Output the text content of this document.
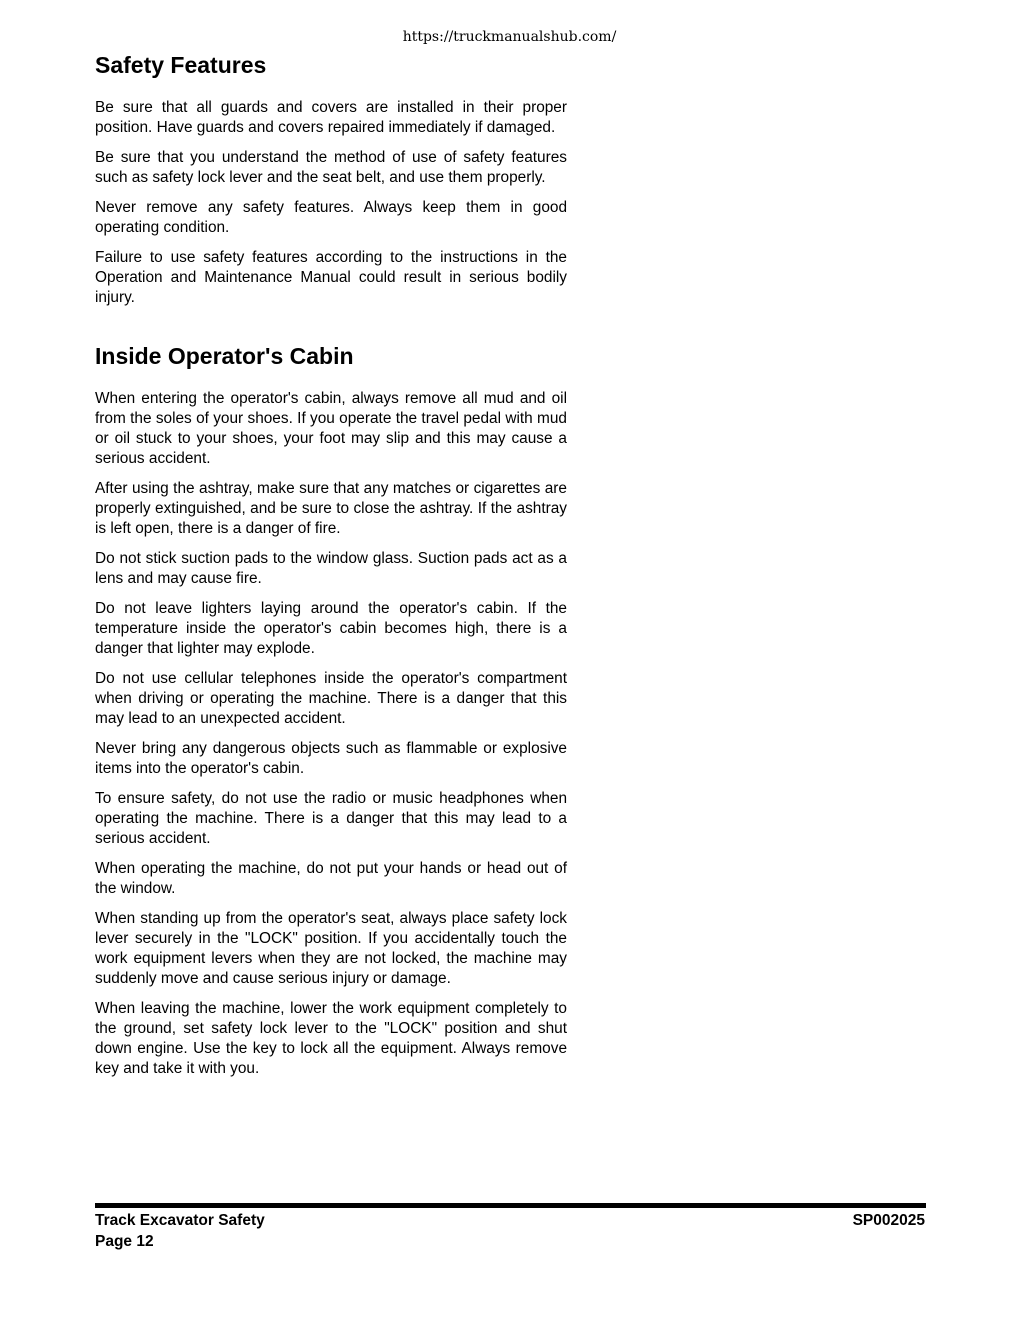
https://truckmanualshub.com/
Safety Features

Be sure that all guards and covers are installed in their proper position. Have guards and covers repaired immediately if damaged.

Be sure that you understand the method of use of safety features such as safety lock lever and the seat belt, and use them properly.

Never remove any safety features. Always keep them in good operating condition.

Failure to use safety features according to the instructions in the Operation and Maintenance Manual could result in serious bodily injury.

Inside Operator's Cabin

When entering the operator's cabin, always remove all mud and oil from the soles of your shoes. If you operate the travel pedal with mud or oil stuck to your shoes, your foot may slip and this may cause a serious accident.

After using the ashtray, make sure that any matches or cigarettes are properly extinguished, and be sure to close the ashtray. If the ashtray is left open, there is a danger of fire.

Do not stick suction pads to the window glass. Suction pads act as a lens and may cause fire.

Do not leave lighters laying around the operator's cabin. If the temperature inside the operator's cabin becomes high, there is a danger that lighter may explode.

Do not use cellular telephones inside the operator's compartment when driving or operating the machine. There is a danger that this may lead to an unexpected accident.

Never bring any dangerous objects such as flammable or explosive items into the operator's cabin.

To ensure safety, do not use the radio or music headphones when operating the machine. There is a danger that this may lead to a serious accident.

When operating the machine, do not put your hands or head out of the window.

When standing up from the operator's seat, always place safety lock lever securely in the "LOCK" position. If you accidentally touch the work equipment levers when they are not locked, the machine may suddenly move and cause serious injury or damage.

When leaving the machine, lower the work equipment completely to the ground, set safety lock lever to the "LOCK" position and shut down engine. Use the key to lock all the equipment. Always remove key and take it with you.

Track Excavator Safety
Page 12
SP002025
